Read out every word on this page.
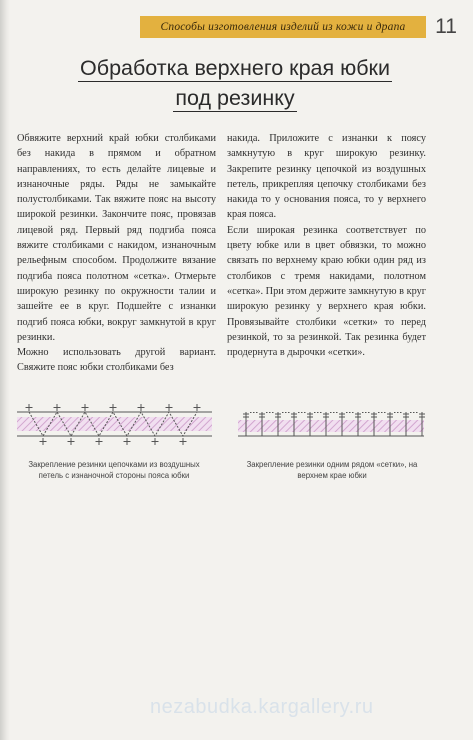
Способы изготовления изделий из кожи и драпа	11
Обработка верхнего края юбки
под резинку

Обвяжите верхний край юбки столбиками без накида в прямом и обратном направлениях, то есть делайте лицевые и изнаночные ряды. Ряды не замыкайте полустолбиками. Так вяжите пояс на высоту широкой резинки. Закончите пояс, провязав лицевой ряд. Первый ряд подгиба пояса вяжите столбиками с накидом, изнаночным рельефным способом. Продолжите вязание подгиба пояса полотном «сетка». Отмерьте широкую резинку по окружности талии и зашейте ее в круг. Подшейте с изнанки подгиб пояса юбки, вокруг замкнутой в круг резинки.

Можно использовать другой вариант. Свяжите пояс юбки столбиками без

накида. Приложите с изнанки к поясу замкнутую в круг широкую резинку. Закрепите резинку цепочкой из воздушных петель, прикрепляя цепочку столбиками без накида то у основания пояса, то у верхнего края пояса.

Если широкая резинка соответствует по цвету юбке или в цвет обвязки, то можно связать по верхнему краю юбки один ряд из столбиков с тремя накидами, полотном «сетка». При этом держите замкнутую в круг широкую резинку у верхнего края юбки. Провязывайте столбики «сетки» то перед резинкой, то за резинкой. Так резинка будет продернута в дырочки «сетки».

Закрепление резинки цепочками из воздушных петель с изнаночной стороны пояса юбки
Закрепление резинки одним рядом «сетки», на верхнем крае юбки
nezabudka.kargallery.ru
